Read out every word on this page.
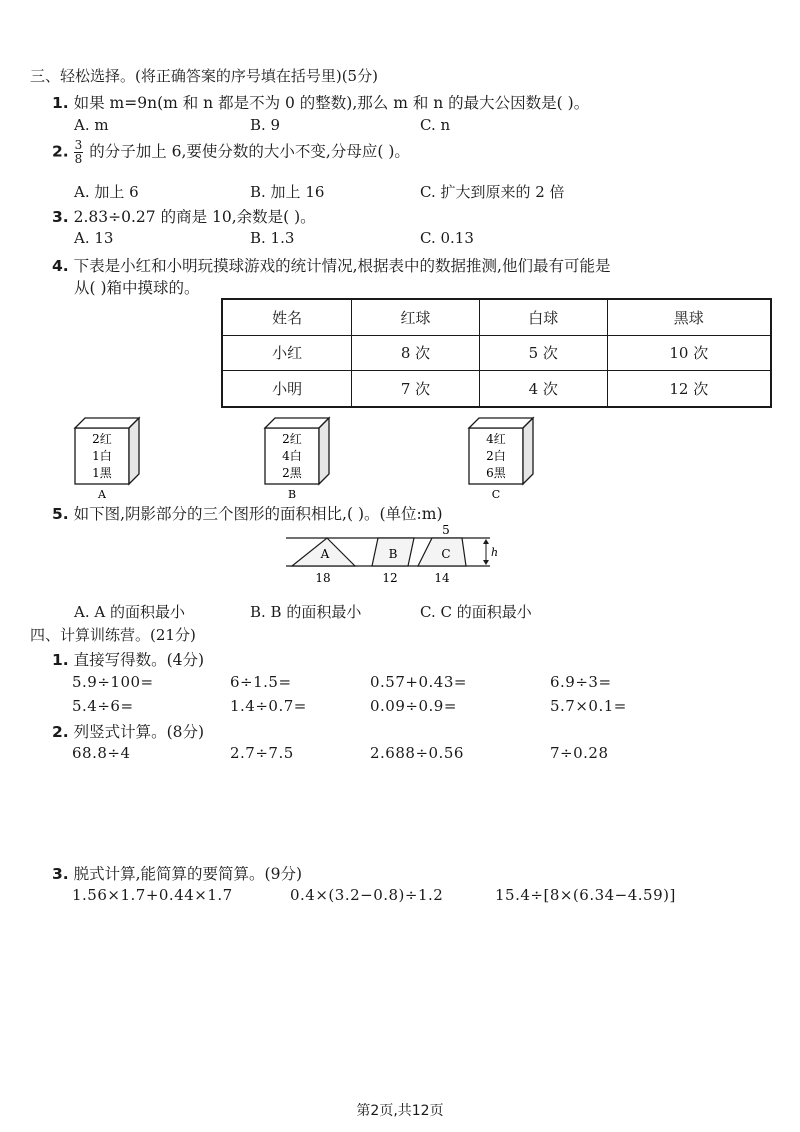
三、轻松选择。(将正确答案的序号填在括号里)(5分)
1. 如果 m=9n(m 和 n 都是不为 0 的整数),那么 m 和 n 的最大公因数是( )。
A. m	B. 9	C. n
2. $\frac{3}{8}$ 的分子加上 6,要使分数的大小不变,分母应( )。
A. 加上 6	B. 加上 16	C. 扩大到原来的 2 倍
3. 2.83÷0.27 的商是 10,余数是( )。
A. 13	B. 1.3	C. 0.13
4. 下表是小红和小明玩摸球游戏的统计情况,根据表中的数据推测,他们最有可能是
从( )箱中摸球的。
姓名	红球	白球	黑球
小红	8 次	5 次	10 次
小明	7 次	4 次	12 次
2红
1白
1黑
A
2红
4白
2黑
B
4红
2白
6黑
C
5. 如下图,阴影部分的三个图形的面积相比,( )。(单位:m)
h
5
A	B	C
18	12	14
A. A 的面积最小	B. B 的面积最小	C. C 的面积最小
四、计算训练营。(21分)
1. 直接写得数。(4分)
5.9÷100=	6÷1.5=	0.57+0.43=	6.9÷3=
5.4÷6=	1.4÷0.7=	0.09÷0.9=	5.7×0.1=
2. 列竖式计算。(8分)
68.8÷4	2.7÷7.5	2.688÷0.56	7÷0.28
3. 脱式计算,能简算的要简算。(9分)
1.56×1.7+0.44×1.7	0.4×(3.2−0.8)÷1.2	15.4÷[8×(6.34−4.59)]
第2页,共12页
